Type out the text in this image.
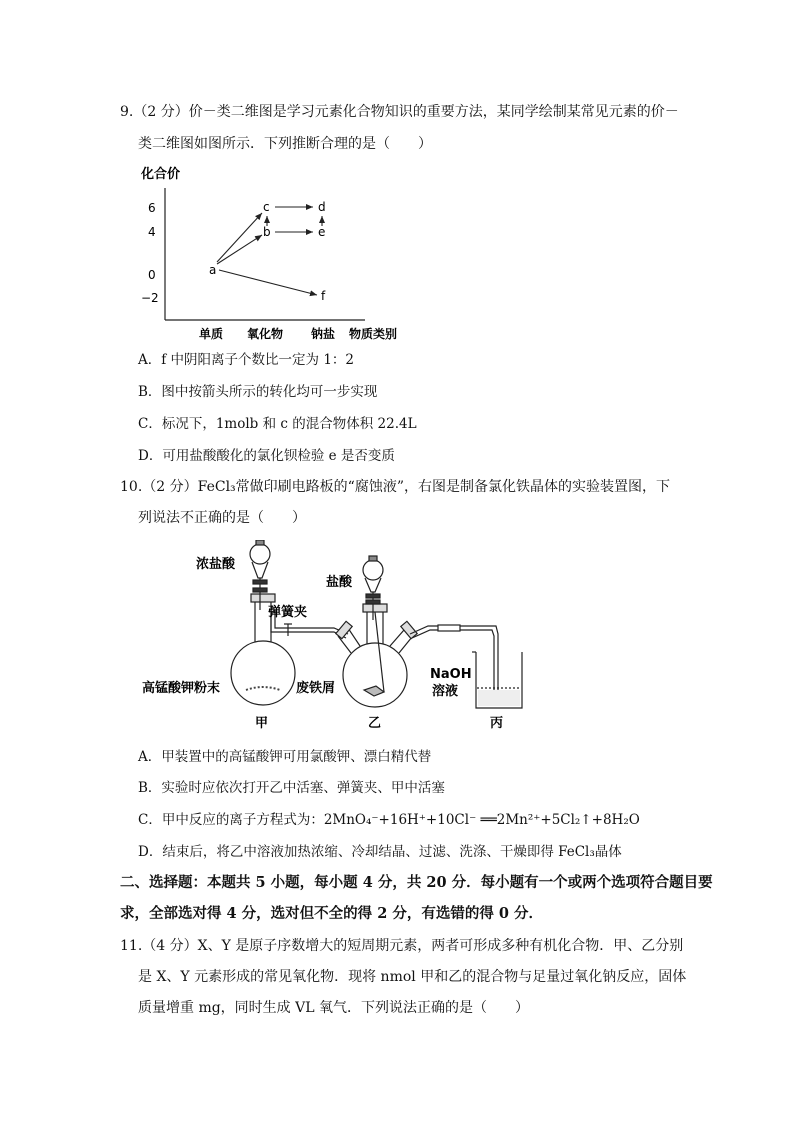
9.（2 分）价－类二维图是学习元素化合物知识的重要方法，某同学绘制某常见元素的价－
类二维图如图所示．下列推断合理的是（　　）
化合价
6
4
0
−2
单质 氧化物 钠盐 物质类别
a
b
c	d
e
f
A．f 中阴阳离子个数比一定为 1：2
B．图中按箭头所示的转化均可一步实现
C．标况下，1molb 和 c 的混合物体积 22.4L
D．可用盐酸酸化的氯化钡检验 e 是否变质
10.（2 分）FeCl₃常做印刷电路板的“腐蚀液”，右图是制备氯化铁晶体的实验装置图，下
列说法不正确的是（　　）
浓盐酸
弹簧夹
盐酸
高锰酸钾粉末	废铁屑
NaOH
溶液
甲	乙	丙
A．甲装置中的高锰酸钾可用氯酸钾、漂白精代替
B．实验时应依次打开乙中活塞、弹簧夹、甲中活塞
C．甲中反应的离子方程式为：2MnO₄⁻+16H⁺+10Cl⁻ ══2Mn²⁺+5Cl₂↑+8H₂O
D．结束后，将乙中溶液加热浓缩、冷却结晶、过滤、洗涤、干燥即得 FeCl₃晶体
二、选择题：本题共 5 小题，每小题 4 分，共 20 分．每小题有一个或两个选项符合题目要
求，全部选对得 4 分，选对但不全的得 2 分，有选错的得 0 分．
11.（4 分）X、Y 是原子序数增大的短周期元素，两者可形成多种有机化合物．甲、乙分别
是 X、Y 元素形成的常见氧化物．现将 nmol 甲和乙的混合物与足量过氧化钠反应，固体
质量增重 mg，同时生成 VL 氧气．下列说法正确的是（　　）
